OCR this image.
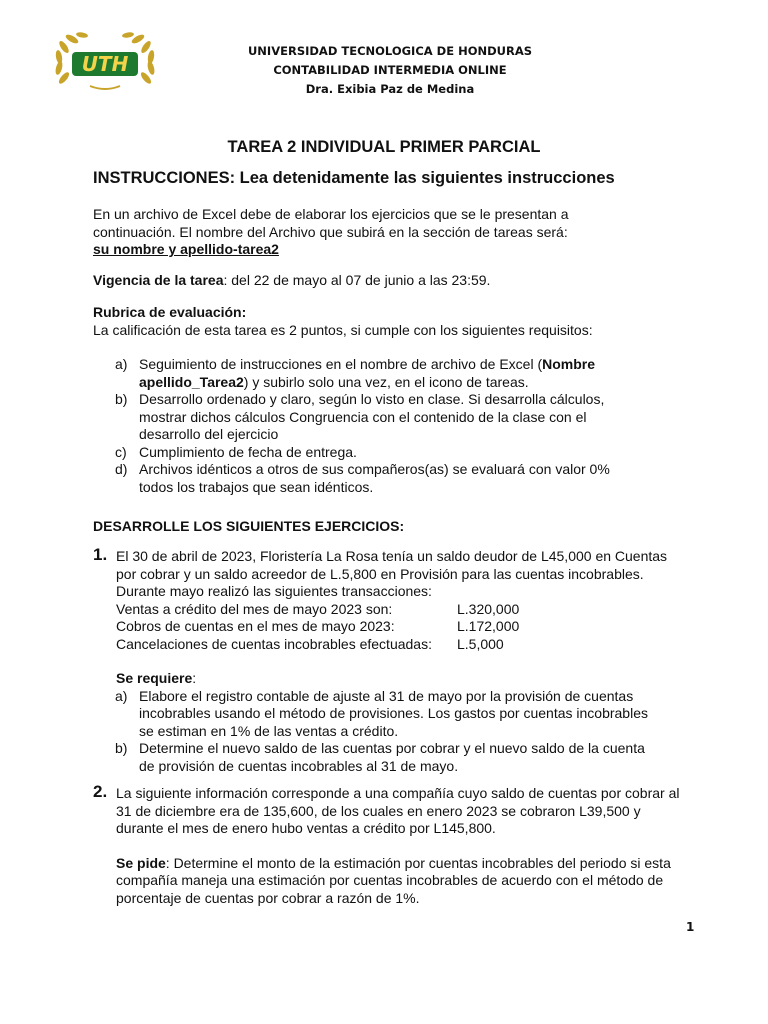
UTH
UNIVERSIDAD TECNOLOGICA DE HONDURAS
CONTABILIDAD INTERMEDIA ONLINE
Dra. Exibia Paz de Medina
TAREA 2 INDIVIDUAL PRIMER PARCIAL
INSTRUCCIONES: Lea detenidamente las siguientes instrucciones
En un archivo de Excel debe de elaborar los ejercicios que se le presentan a
continuación. El nombre del Archivo que subirá en la sección de tareas será:
su nombre y apellido-tarea2
Vigencia de la tarea: del 22 de mayo al 07 de junio a las 23:59.
Rubrica de evaluación:
La calificación de esta tarea es 2 puntos, si cumple con los siguientes requisitos:
a) Seguimiento de instrucciones en el nombre de archivo de Excel (Nombre
apellido_Tarea2) y subirlo solo una vez, en el icono de tareas.
b) Desarrollo ordenado y claro, según lo visto en clase. Si desarrolla cálculos,
mostrar dichos cálculos Congruencia con el contenido de la clase con el
desarrollo del ejercicio
c) Cumplimiento de fecha de entrega.
d) Archivos idénticos a otros de sus compañeros(as) se evaluará con valor 0%
todos los trabajos que sean idénticos.
DESARROLLE LOS SIGUIENTES EJERCICIOS:
1. El 30 de abril de 2023, Floristería La Rosa tenía un saldo deudor de L45,000 en Cuentas
por cobrar y un saldo acreedor de L.5,800 en Provisión para las cuentas incobrables.
Durante mayo realizó las siguientes transacciones:
Ventas a crédito del mes de mayo 2023 son:	L.320,000
Cobros de cuentas en el mes de mayo 2023:	L.172,000
Cancelaciones de cuentas incobrables efectuadas:	L.5,000
Se requiere:
a) Elabore el registro contable de ajuste al 31 de mayo por la provisión de cuentas
incobrables usando el método de provisiones. Los gastos por cuentas incobrables
se estiman en 1% de las ventas a crédito.
b) Determine el nuevo saldo de las cuentas por cobrar y el nuevo saldo de la cuenta
de provisión de cuentas incobrables al 31 de mayo.
2. La siguiente información corresponde a una compañía cuyo saldo de cuentas por cobrar al
31 de diciembre era de 135,600, de los cuales en enero 2023 se cobraron L39,500 y
durante el mes de enero hubo ventas a crédito por L145,800.
Se pide: Determine el monto de la estimación por cuentas incobrables del periodo si esta
compañía maneja una estimación por cuentas incobrables de acuerdo con el método de
porcentaje de cuentas por cobrar a razón de 1%.
1
